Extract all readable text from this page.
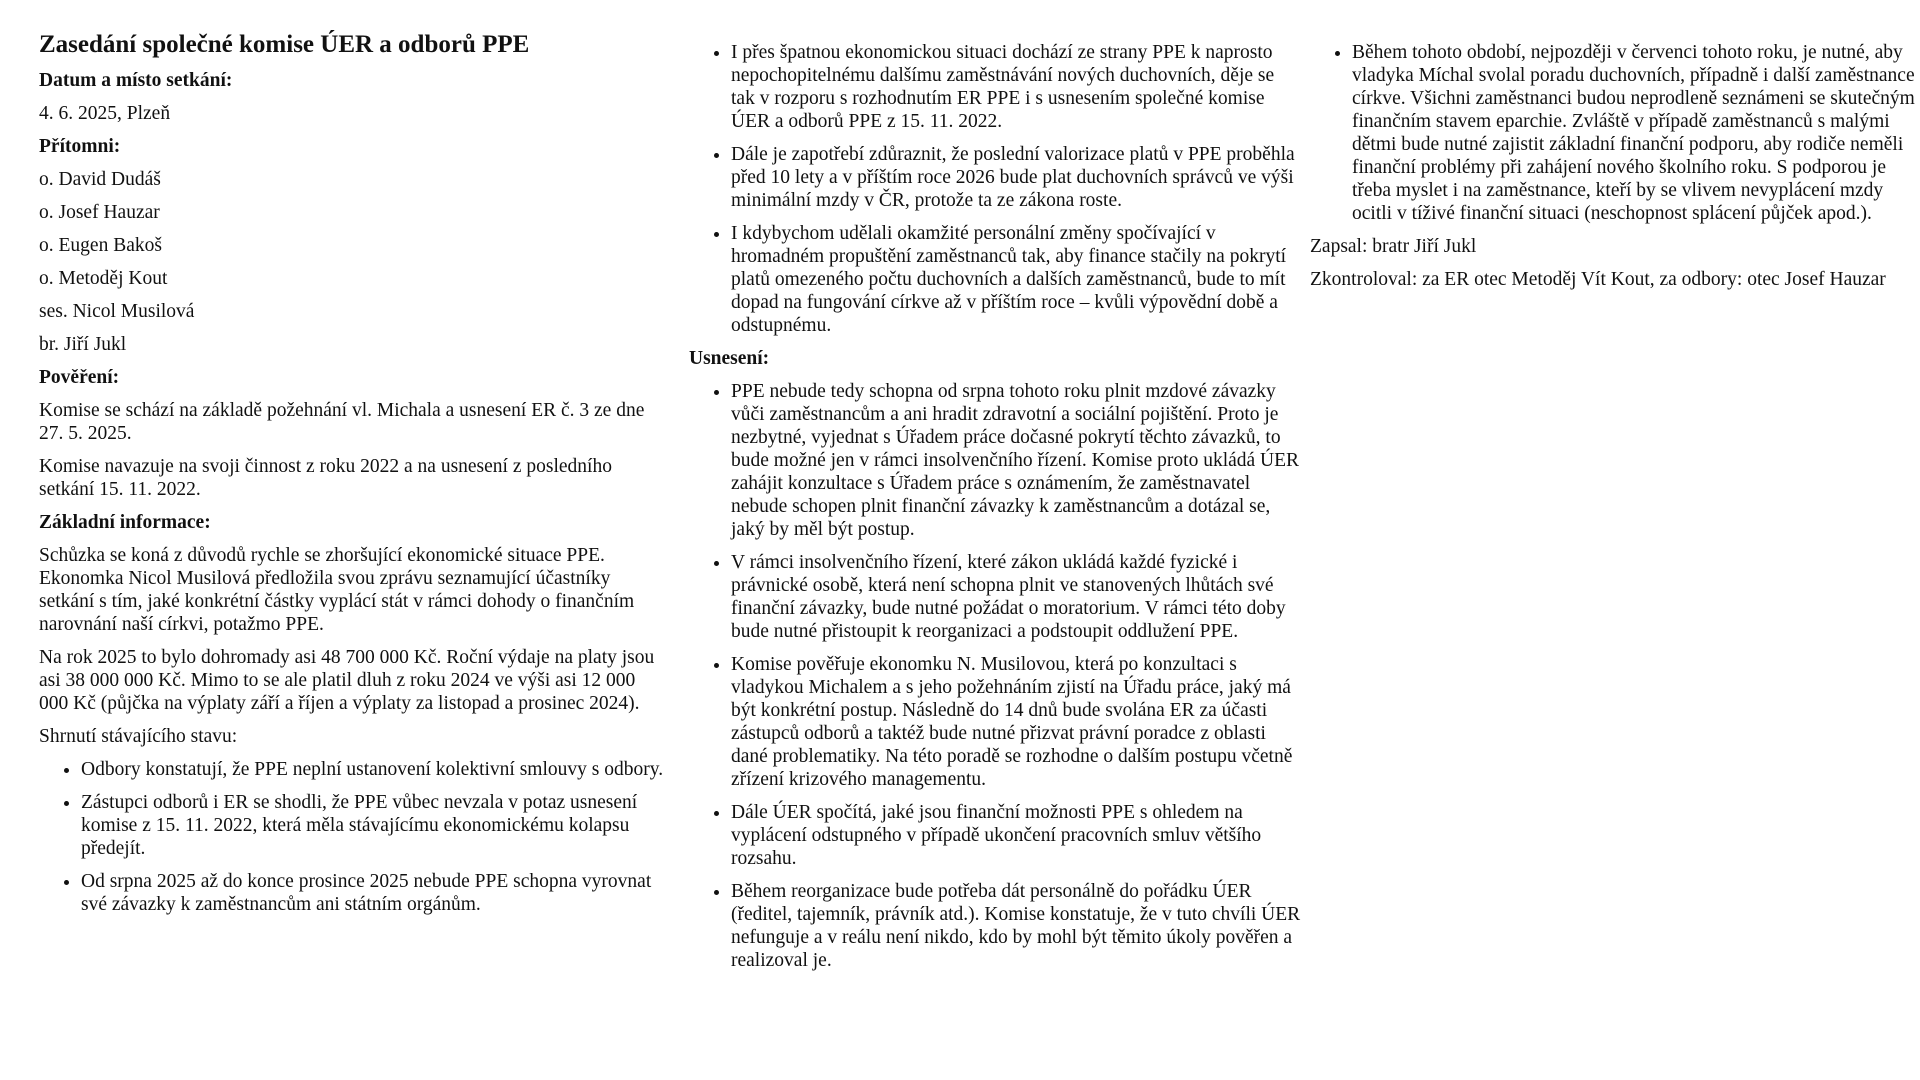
Zasedání společné komise ÚER a odborů PPE

Datum a místo setkání:

4. 6. 2025, Plzeň

Přítomni:

o. David Dudáš

o. Josef Hauzar

o. Eugen Bakoš

o. Metoděj Kout

ses. Nicol Musilová

br. Jiří Jukl

Pověření:

Komise se schází na základě požehnání vl. Michala a usnesení ER č. 3 ze dne 27. 5. 2025.

Komise navazuje na svoji činnost z roku 2022 a na usnesení z posledního setkání 15. 11. 2022.

Základní informace:

Schůzka se koná z důvodů rychle se zhoršující ekonomické situace PPE. Ekonomka Nicol Musilová předložila svou zprávu seznamující účastníky setkání s tím, jaké konkrétní částky vyplácí stát v rámci dohody o finančním narovnání naší církvi, potažmo PPE.

Na rok 2025 to bylo dohromady asi 48 700 000 Kč. Roční výdaje na platy jsou asi 38 000 000 Kč. Mimo to se ale platil dluh z roku 2024 ve výši asi 12 000 000 Kč (půjčka na výplaty září a říjen a výplaty za listopad a prosinec 2024).

Shrnutí stávajícího stavu:

• Odbory konstatují, že PPE neplní ustanovení kolektivní smlouvy s odbory.
• Zástupci odborů i ER se shodli, že PPE vůbec nevzala v potaz usnesení komise z 15. 11. 2022, která měla stávajícímu ekonomickému kolapsu předejít.
• Od srpna 2025 až do konce prosince 2025 nebude PPE schopna vyrovnat své závazky k zaměstnancům ani státním orgánům.
• I přes špatnou ekonomickou situaci dochází ze strany PPE k naprosto nepochopitelnému dalšímu zaměstnávání nových duchovních, děje se tak v rozporu s rozhodnutím ER PPE i s usnesením společné komise ÚER a odborů PPE z 15. 11. 2022.
• Dále je zapotřebí zdůraznit, že poslední valorizace platů v PPE proběhla před 10 lety a v příštím roce 2026 bude plat duchovních správců ve výši minimální mzdy v ČR, protože ta ze zákona roste.
• I kdybychom udělali okamžité personální změny spočívající v hromadném propuštění zaměstnanců tak, aby finance stačily na pokrytí platů omezeného počtu duchovních a dalších zaměstnanců, bude to mít dopad na fungování církve až v příštím roce – kvůli výpovědní době a odstupnému.

Usnesení:

• PPE nebude tedy schopna od srpna tohoto roku plnit mzdové závazky vůči zaměstnancům a ani hradit zdravotní a sociální pojištění. Proto je nezbytné, vyjednat s Úřadem práce dočasné pokrytí těchto závazků, to bude možné jen v rámci insolvenčního řízení. Komise proto ukládá ÚER zahájit konzultace s Úřadem práce s oznámením, že zaměstnavatel nebude schopen plnit finanční závazky k zaměstnancům a dotázal se, jaký by měl být postup.
• V rámci insolvenčního řízení, které zákon ukládá každé fyzické i právnické osobě, která není schopna plnit ve stanovených lhůtách své finanční závazky, bude nutné požádat o moratorium. V rámci této doby bude nutné přistoupit k reorganizaci a podstoupit oddlužení PPE.
• Komise pověřuje ekonomku N. Musilovou, která po konzultaci s vladykou Michalem a s jeho požehnáním zjistí na Úřadu práce, jaký má být konkrétní postup. Následně do 14 dnů bude svolána ER za účasti zástupců odborů a taktéž bude nutné přizvat právní poradce z oblasti dané problematiky. Na této poradě se rozhodne o dalším postupu včetně zřízení krizového managementu.
• Dále ÚER spočítá, jaké jsou finanční možnosti PPE s ohledem na vyplácení odstupného v případě ukončení pracovních smluv většího rozsahu.
• Během reorganizace bude potřeba dát personálně do pořádku ÚER (ředitel, tajemník, právník atd.). Komise konstatuje, že v tuto chvíli ÚER nefunguje a v reálu není nikdo, kdo by mohl být těmito úkoly pověřen a realizoval je.
• Během tohoto období, nejpozději v červenci tohoto roku, je nutné, aby vladyka Míchal svolal poradu duchovních, případně i další zaměstnance církve. Všichni zaměstnanci budou neprodleně seznámeni se skutečným finančním stavem eparchie. Zvláště v případě zaměstnanců s malými dětmi bude nutné zajistit základní finanční podporu, aby rodiče neměli finanční problémy při zahájení nového školního roku. S podporou je třeba myslet i na zaměstnance, kteří by se vlivem nevyplácení mzdy ocitli v tíživé finanční situaci (neschopnost splácení půjček apod.).

Zapsal: bratr Jiří Jukl

Zkontroloval: za ER otec Metoděj Vít Kout, za odbory: otec Josef Hauzar
